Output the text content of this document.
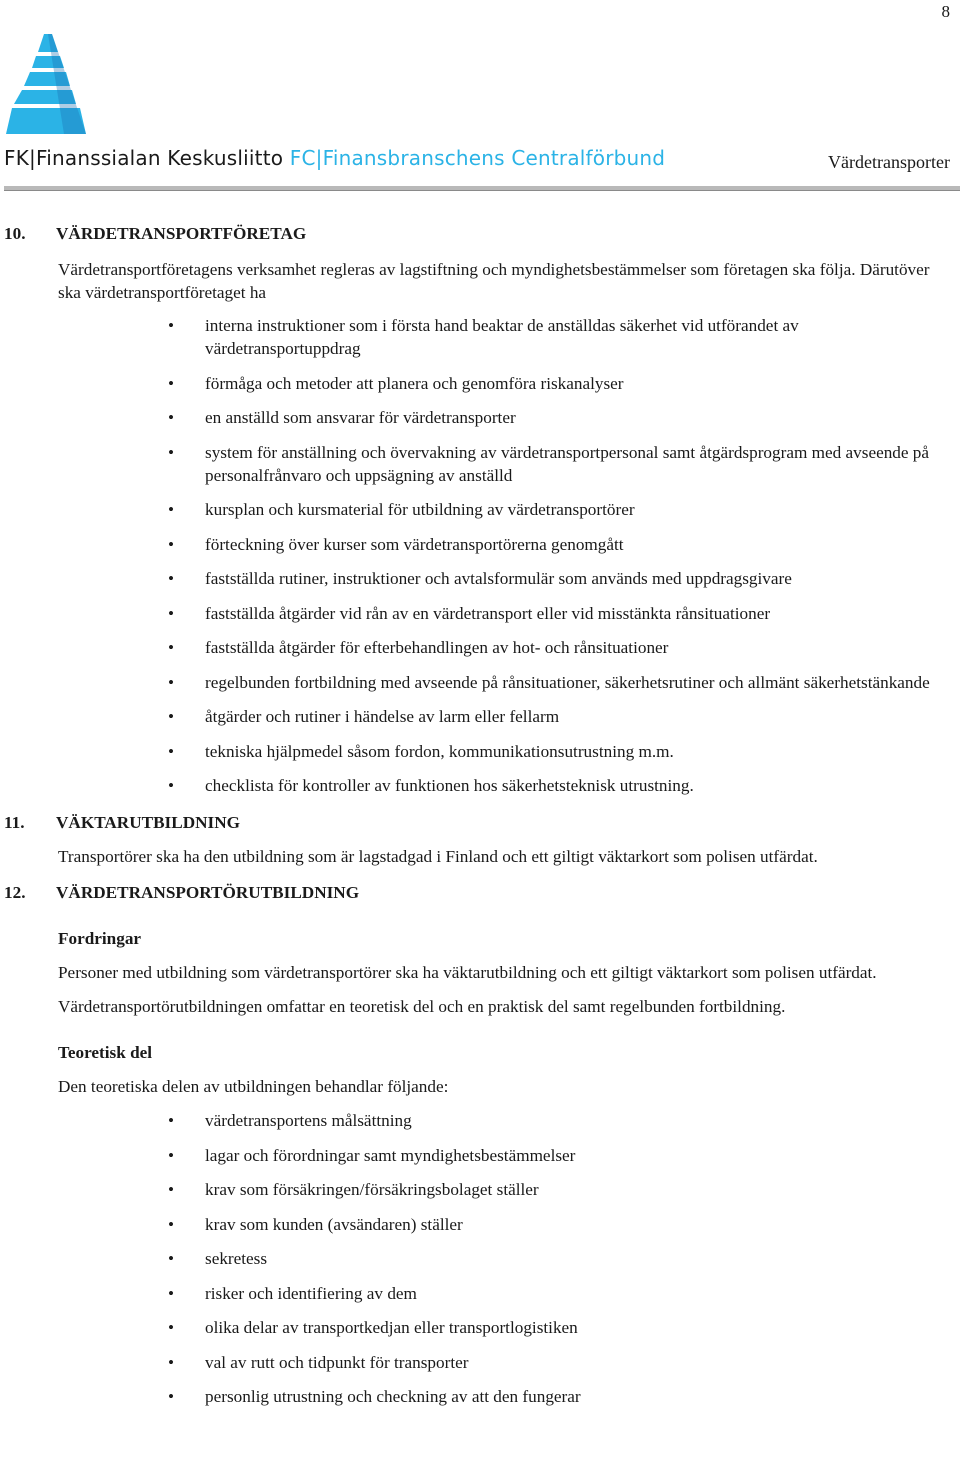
8
FK|Finanssialan Keskusliitto FC|Finansbranschens Centralförbund	Värdetransporter
10. VÄRDETRANSPORTFÖRETAG

Värdetransportföretagens verksamhet regleras av lagstiftning och myndighetsbestämmelser som företagen ska följa. Därutöver ska värdetransportföretaget ha

• interna instruktioner som i första hand beaktar de anställdas säkerhet vid utförandet av värdetransportuppdrag
• förmåga och metoder att planera och genomföra riskanalyser
• en anställd som ansvarar för värdetransporter
• system för anställning och övervakning av värdetransportpersonal samt åtgärdsprogram med avseende på personalfrånvaro och uppsägning av anställd
• kursplan och kursmaterial för utbildning av värdetransportörer
• förteckning över kurser som värdetransportörerna genomgått
• fastställda rutiner, instruktioner och avtalsformulär som används med uppdragsgivare
• fastställda åtgärder vid rån av en värdetransport eller vid misstänkta rånsituationer
• fastställda åtgärder för efterbehandlingen av hot- och rånsituationer
• regelbunden fortbildning med avseende på rånsituationer, säkerhetsrutiner och allmänt säkerhetstänkande
• åtgärder och rutiner i händelse av larm eller fellarm
• tekniska hjälpmedel såsom fordon, kommunikationsutrustning m.m.
• checklista för kontroller av funktionen hos säkerhetsteknisk utrustning.
11. VÄKTARUTBILDNING

Transportörer ska ha den utbildning som är lagstadgad i Finland och ett giltigt väktarkort som polisen utfärdat.

12. VÄRDETRANSPORTÖRUTBILDNING
Fordringar

Personer med utbildning som värdetransportörer ska ha väktarutbildning och ett giltigt väktarkort som polisen utfärdat.

Värdetransportörutbildningen omfattar en teoretisk del och en praktisk del samt regelbunden fortbildning.

Teoretisk del

Den teoretiska delen av utbildningen behandlar följande:

• värdetransportens målsättning
• lagar och förordningar samt myndighetsbestämmelser
• krav som försäkringen/försäkringsbolaget ställer
• krav som kunden (avsändaren) ställer
• sekretess
• risker och identifiering av dem
• olika delar av transportkedjan eller transportlogistiken
• val av rutt och tidpunkt för transporter
• personlig utrustning och checkning av att den fungerar
